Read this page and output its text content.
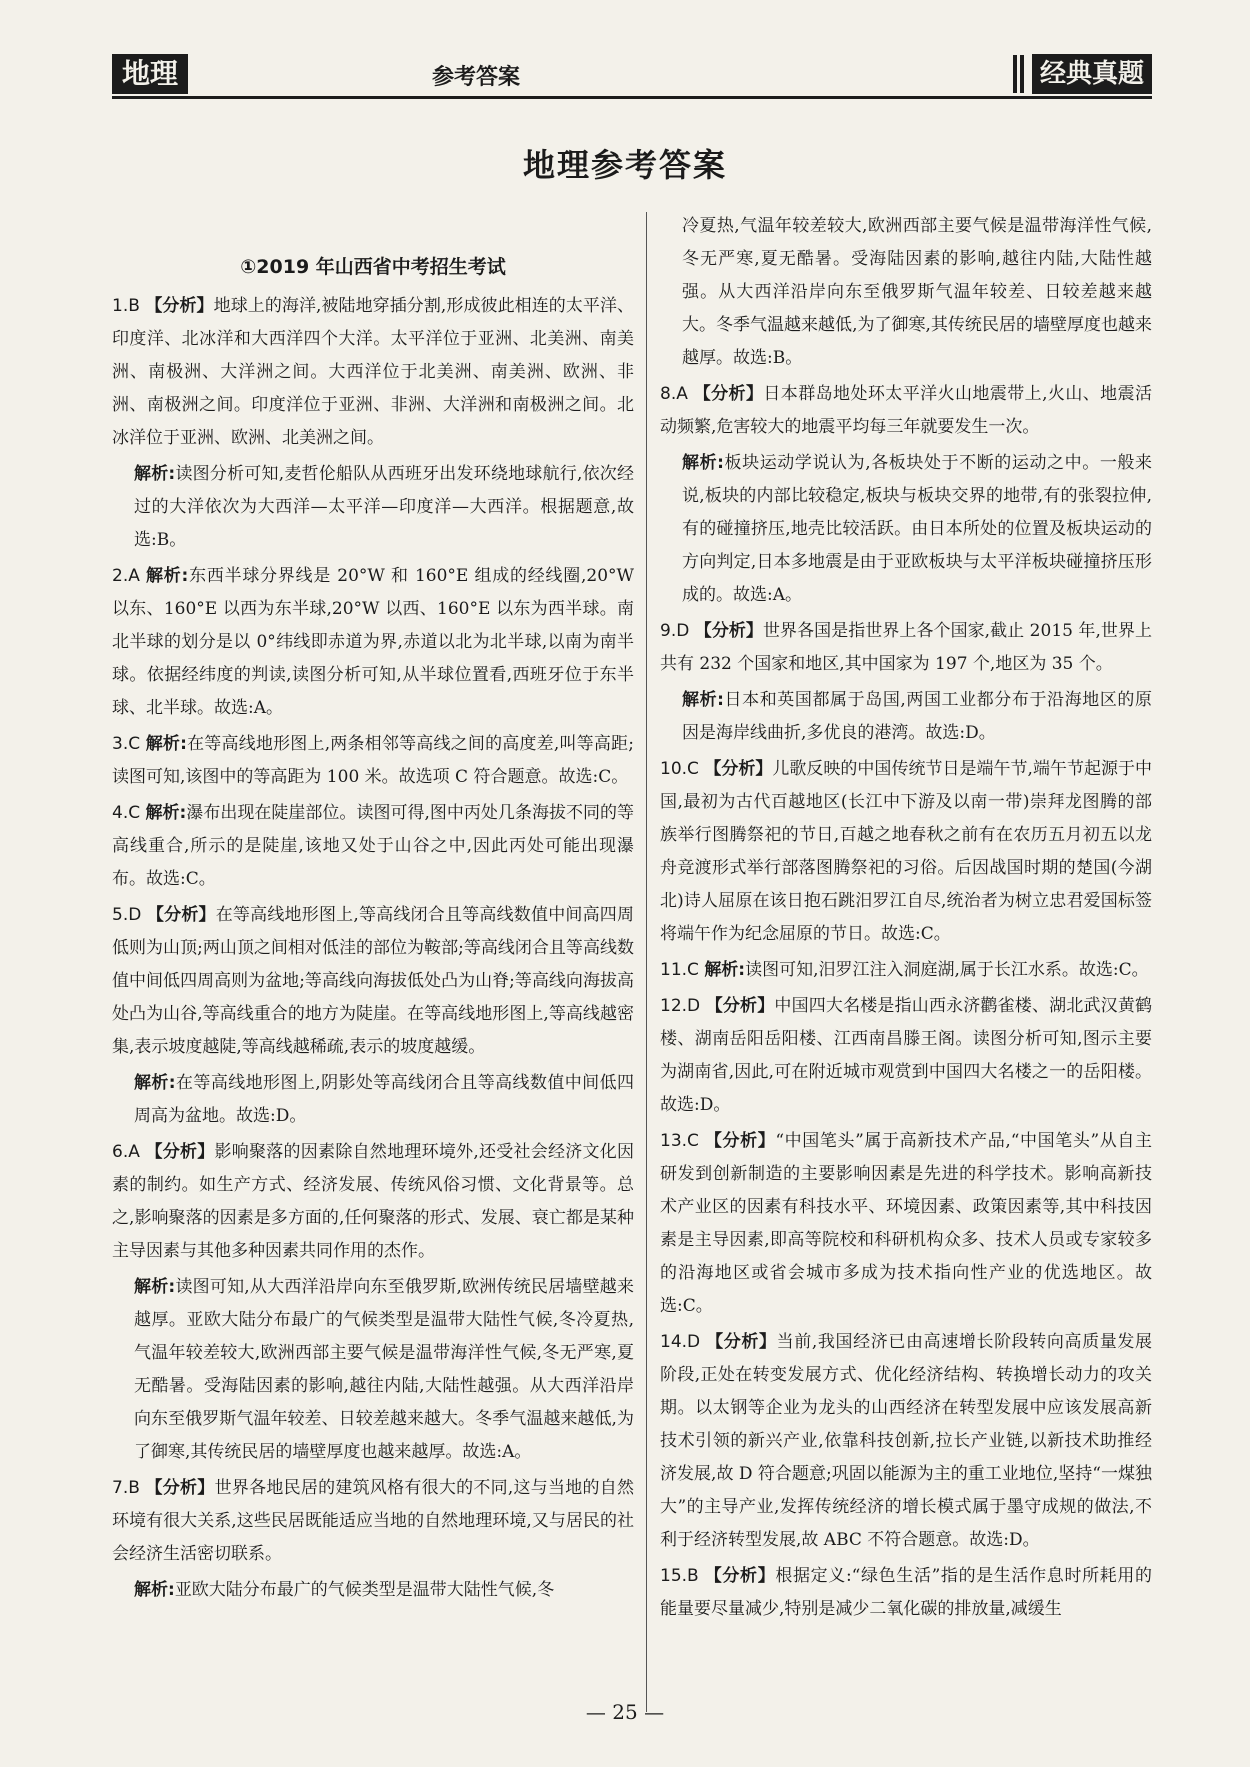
地理	参考答案	经典真题
地理参考答案
①2019 年山西省中考招生考试
1.B 【分析】地球上的海洋,被陆地穿插分割,形成彼此相连的太平洋、印度洋、北冰洋和大西洋四个大洋。太平洋位于亚洲、北美洲、南美洲、南极洲、大洋洲之间。大西洋位于北美洲、南美洲、欧洲、非洲、南极洲之间。印度洋位于亚洲、非洲、大洋洲和南极洲之间。北冰洋位于亚洲、欧洲、北美洲之间。
解析:读图分析可知,麦哲伦船队从西班牙出发环绕地球航行,依次经过的大洋依次为大西洋—太平洋—印度洋—大西洋。根据题意,故选:B。
2.A 解析:东西半球分界线是 20°W 和 160°E 组成的经线圈,20°W 以东、160°E 以西为东半球,20°W 以西、160°E 以东为西半球。南北半球的划分是以 0°纬线即赤道为界,赤道以北为北半球,以南为南半球。依据经纬度的判读,读图分析可知,从半球位置看,西班牙位于东半球、北半球。故选:A。
3.C 解析:在等高线地形图上,两条相邻等高线之间的高度差,叫等高距;读图可知,该图中的等高距为 100 米。故选项 C 符合题意。故选:C。
4.C 解析:瀑布出现在陡崖部位。读图可得,图中丙处几条海拔不同的等高线重合,所示的是陡崖,该地又处于山谷之中,因此丙处可能出现瀑布。故选:C。
5.D 【分析】在等高线地形图上,等高线闭合且等高线数值中间高四周低则为山顶;两山顶之间相对低洼的部位为鞍部;等高线闭合且等高线数值中间低四周高则为盆地;等高线向海拔低处凸为山脊;等高线向海拔高处凸为山谷,等高线重合的地方为陡崖。在等高线地形图上,等高线越密集,表示坡度越陡,等高线越稀疏,表示的坡度越缓。
解析:在等高线地形图上,阴影处等高线闭合且等高线数值中间低四周高为盆地。故选:D。
6.A 【分析】影响聚落的因素除自然地理环境外,还受社会经济文化因素的制约。如生产方式、经济发展、传统风俗习惯、文化背景等。总之,影响聚落的因素是多方面的,任何聚落的形式、发展、衰亡都是某种主导因素与其他多种因素共同作用的杰作。
解析:读图可知,从大西洋沿岸向东至俄罗斯,欧洲传统民居墙壁越来越厚。亚欧大陆分布最广的气候类型是温带大陆性气候,冬冷夏热,气温年较差较大,欧洲西部主要气候是温带海洋性气候,冬无严寒,夏无酷暑。受海陆因素的影响,越往内陆,大陆性越强。从大西洋沿岸向东至俄罗斯气温年较差、日较差越来越大。冬季气温越来越低,为了御寒,其传统民居的墙壁厚度也越来越厚。故选:A。
7.B 【分析】世界各地民居的建筑风格有很大的不同,这与当地的自然环境有很大关系,这些民居既能适应当地的自然地理环境,又与居民的社会经济生活密切联系。
解析:亚欧大陆分布最广的气候类型是温带大陆性气候,冬
冷夏热,气温年较差较大,欧洲西部主要气候是温带海洋性气候,冬无严寒,夏无酷暑。受海陆因素的影响,越往内陆,大陆性越强。从大西洋沿岸向东至俄罗斯气温年较差、日较差越来越大。冬季气温越来越低,为了御寒,其传统民居的墙壁厚度也越来越厚。故选:B。
8.A 【分析】日本群岛地处环太平洋火山地震带上,火山、地震活动频繁,危害较大的地震平均每三年就要发生一次。
解析:板块运动学说认为,各板块处于不断的运动之中。一般来说,板块的内部比较稳定,板块与板块交界的地带,有的张裂拉伸,有的碰撞挤压,地壳比较活跃。由日本所处的位置及板块运动的方向判定,日本多地震是由于亚欧板块与太平洋板块碰撞挤压形成的。故选:A。
9.D 【分析】世界各国是指世界上各个国家,截止 2015 年,世界上共有 232 个国家和地区,其中国家为 197 个,地区为 35 个。
解析:日本和英国都属于岛国,两国工业都分布于沿海地区的原因是海岸线曲折,多优良的港湾。故选:D。
10.C 【分析】儿歌反映的中国传统节日是端午节,端午节起源于中国,最初为古代百越地区(长江中下游及以南一带)崇拜龙图腾的部族举行图腾祭祀的节日,百越之地春秋之前有在农历五月初五以龙舟竞渡形式举行部落图腾祭祀的习俗。后因战国时期的楚国(今湖北)诗人屈原在该日抱石跳汨罗江自尽,统治者为树立忠君爱国标签将端午作为纪念屈原的节日。故选:C。
11.C 解析:读图可知,汨罗江注入洞庭湖,属于长江水系。故选:C。
12.D 【分析】中国四大名楼是指山西永济鹳雀楼、湖北武汉黄鹤楼、湖南岳阳岳阳楼、江西南昌滕王阁。读图分析可知,图示主要为湖南省,因此,可在附近城市观赏到中国四大名楼之一的岳阳楼。故选:D。
13.C 【分析】“中国笔头”属于高新技术产品,“中国笔头”从自主研发到创新制造的主要影响因素是先进的科学技术。影响高新技术产业区的因素有科技水平、环境因素、政策因素等,其中科技因素是主导因素,即高等院校和科研机构众多、技术人员或专家较多的沿海地区或省会城市多成为技术指向性产业的优选地区。故选:C。
14.D 【分析】当前,我国经济已由高速增长阶段转向高质量发展阶段,正处在转变发展方式、优化经济结构、转换增长动力的攻关期。以太钢等企业为龙头的山西经济在转型发展中应该发展高新技术引领的新兴产业,依靠科技创新,拉长产业链,以新技术助推经济发展,故 D 符合题意;巩固以能源为主的重工业地位,坚持“一煤独大”的主导产业,发挥传统经济的增长模式属于墨守成规的做法,不利于经济转型发展,故 ABC 不符合题意。故选:D。
15.B 【分析】根据定义:“绿色生活”指的是生活作息时所耗用的能量要尽量减少,特别是减少二氧化碳的排放量,减缓生
— 25 —
